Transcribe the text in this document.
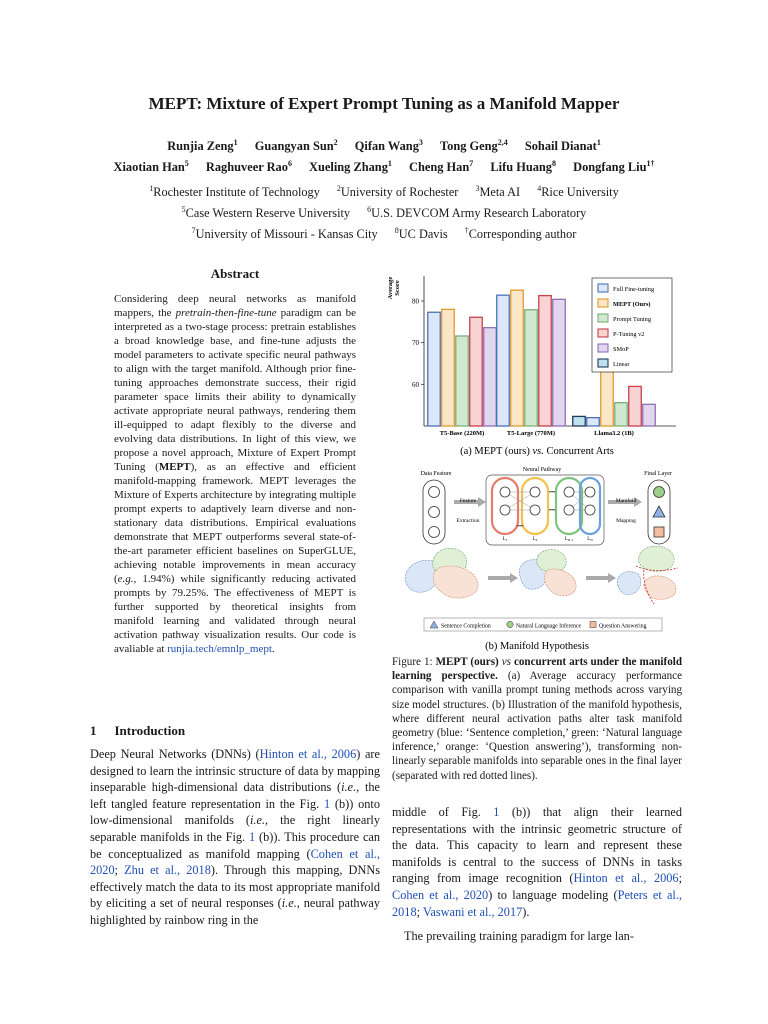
MEPT: Mixture of Expert Prompt Tuning as a Manifold Mapper
Runjia Zeng$^1$ Guangyan Sun$^2$ Qifan Wang$^3$ Tong Geng$^{2,4}$ Sohail Dianat$^1$
Xiaotian Han$^5$ Raghuveer Rao$^6$ Xueling Zhang$^1$ Cheng Han$^7$ Lifu Huang$^8$ Dongfang Liu$^{1\dagger}$
$^1$Rochester Institute of Technology $^2$University of Rochester $^3$Meta AI $^4$Rice University
$^5$Case Western Reserve University $^6$U.S. DEVCOM Army Research Laboratory
$^7$University of Missouri - Kansas City $^8$UC Davis †Corresponding author
Abstract
Considering deep neural networks as manifold mappers, the pretrain-then-fine-tune paradigm can be interpreted as a two-stage process: pretrain establishes a broad knowledge base, and fine-tune adjusts the model parameters to activate specific neural pathways to align with the target manifold. Although prior fine-tuning approaches demonstrate success, their rigid parameter space limits their ability to dynamically activate appropriate neural pathways, rendering them ill-equipped to adapt flexibly to the diverse and evolving data distributions. In light of this view, we propose a novel approach, Mixture of Expert Prompt Tuning (MEPT), as an effective and efficient manifold-mapping framework. MEPT leverages the Mixture of Experts architecture by integrating multiple prompt experts to adaptively learn diverse and non-stationary data distributions. Empirical evaluations demonstrate that MEPT outperforms several state-of-the-art parameter efficient baselines on SuperGLUE, achieving notable improvements in mean accuracy (e.g., 1.94%) while significantly reducing activated prompts by 79.25%. The effectiveness of MEPT is further supported by theoretical insights from manifold learning and validated through neural activation pathway visualization results. Our code is avaliable at runjia.tech/emnlp_mept.
1 Introduction
Deep Neural Networks (DNNs) (Hinton et al., 2006) are designed to learn the intrinsic structure of data by mapping inseparable high-dimensional data distributions (i.e., the left tangled feature representation in the Fig. 1 (b)) onto low-dimensional manifolds (i.e., the right linearly separable manifolds in the Fig. 1 (b)). This procedure can be conceptualized as manifold mapping (Cohen et al., 2020; Zhu et al., 2018). Through this mapping, DNNs effectively match the data to its most appropriate manifold by eliciting a set of neural responses (i.e., neural pathway highlighted by rainbow ring in the
AverageScore
60
70
80
T5-Base (220M)	T5-Large (770M)	Llama3.2 (1B)
Full Fine-tuning
MEPT (Ours)
Prompt Tuning
P-Tuning v2
SMoP
Linear
(a) MEPT (ours) vs. Concurrent Arts
Data Feature
Neural Pathway
Final Layer
Feature
Extraction
•••
•••
•••
$L_1$	$L_2$	$L_{N-1}$	$L_N$
Manifold
Mapping
Sentence Completion	Natural Language Inference	Question Answering
(b) Manifold Hypothesis
Figure 1: MEPT (ours) vs concurrent arts under the manifold learning perspective. (a) Average accuracy performance comparison with vanilla prompt tuning methods across varying size model structures. (b) Illustration of the manifold hypothesis, where different neural activation paths alter task manifold geometry (blue: ‘Sentence completion,’ green: ‘Natural language inference,’ orange: ‘Question answering’), transforming non-linearly separable manifolds into separable ones in the final layer (separated with red dotted lines).
middle of Fig. 1 (b)) that align their learned representations with the intrinsic geometric structure of the data. This capacity to learn and represent these manifolds is central to the success of DNNs in tasks ranging from image recognition (Hinton et al., 2006; Cohen et al., 2020) to language modeling (Peters et al., 2018; Vaswani et al., 2017).
The prevailing training paradigm for large lan-
